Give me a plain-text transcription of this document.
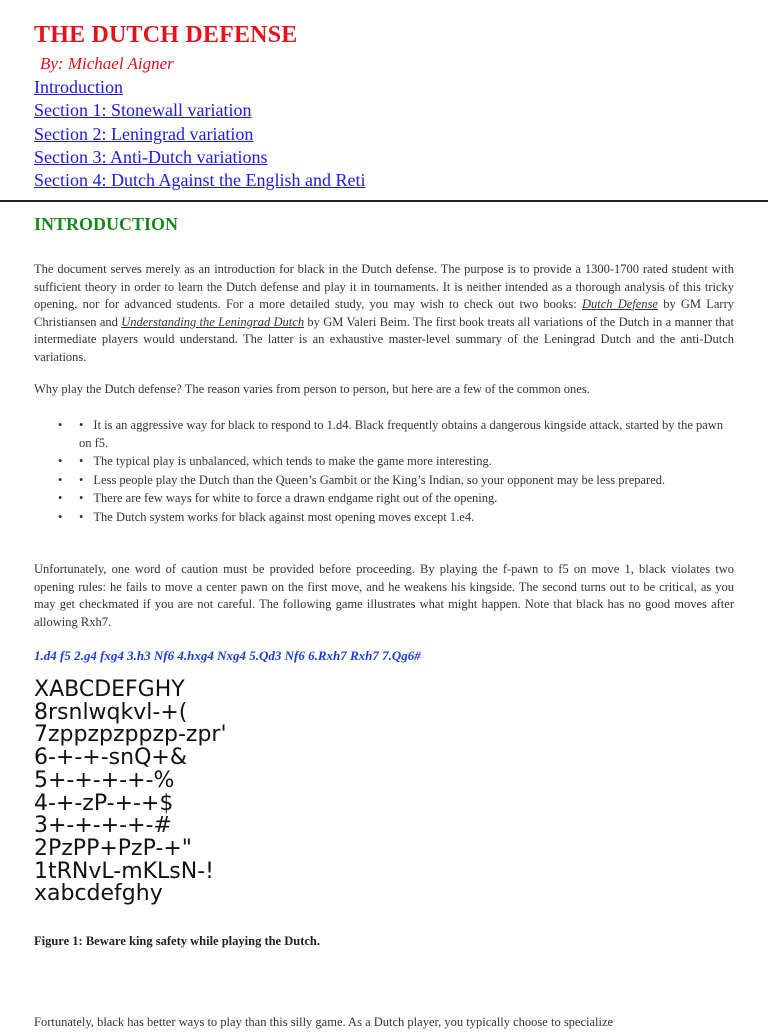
THE DUTCH DEFENSE
By: Michael Aigner
Introduction
Section 1: Stonewall variation
Section 2: Leningrad variation
Section 3: Anti-Dutch variations
Section 4: Dutch Against the English and Reti
INTRODUCTION

The document serves merely as an introduction for black in the Dutch defense. The purpose is to provide a 1300-1700 rated student with sufficient theory in order to learn the Dutch defense and play it in tournaments. It is neither intended as a thorough analysis of this tricky opening, nor for advanced students. For a more detailed study, you may wish to check out two books: Dutch Defense by GM Larry Christiansen and Understanding the Leningrad Dutch by GM Valeri Beim. The first book treats all variations of the Dutch in a manner that intermediate players would understand. The latter is an exhaustive master-level summary of the Leningrad Dutch and the anti-Dutch variations.

Why play the Dutch defense? The reason varies from person to person, but here are a few of the common ones.

• • It is an aggressive way for black to respond to 1.d4. Black frequently obtains a dangerous kingside attack, started by the pawn on f5.
• • The typical play is unbalanced, which tends to make the game more interesting.
• • Less people play the Dutch than the Queen’s Gambit or the King’s Indian, so your opponent may be less prepared.
• • There are few ways for white to force a drawn endgame right out of the opening.
• • The Dutch system works for black against most opening moves except 1.e4.

Unfortunately, one word of caution must be provided before proceeding. By playing the f-pawn to f5 on move 1, black violates two opening rules: he fails to move a center pawn on the first move, and he weakens his kingside. The second turns out to be critical, as you may get checkmated if you are not careful. The following game illustrates what might happen. Note that black has no good moves after allowing Rxh7.

1.d4 f5 2.g4 fxg4 3.h3 Nf6 4.hxg4 Nxg4 5.Qd3 Nf6 6.Rxh7 Rxh7 7.Qg6#

XABCDEFGHY
8rsnlwqkvl-+(
7zppzpzppzp-zpr'
6-+-+-snQ+&
5+-+-+-+-%
4-+-zP-+-+$
3+-+-+-+-#
2PzPP+PzP-+"
1tRNvL-mKLsN-!
xabcdefghy

Figure 1: Beware king safety while playing the Dutch.

Fortunately, black has better ways to play than this silly game. As a Dutch player, you typically choose to specialize
